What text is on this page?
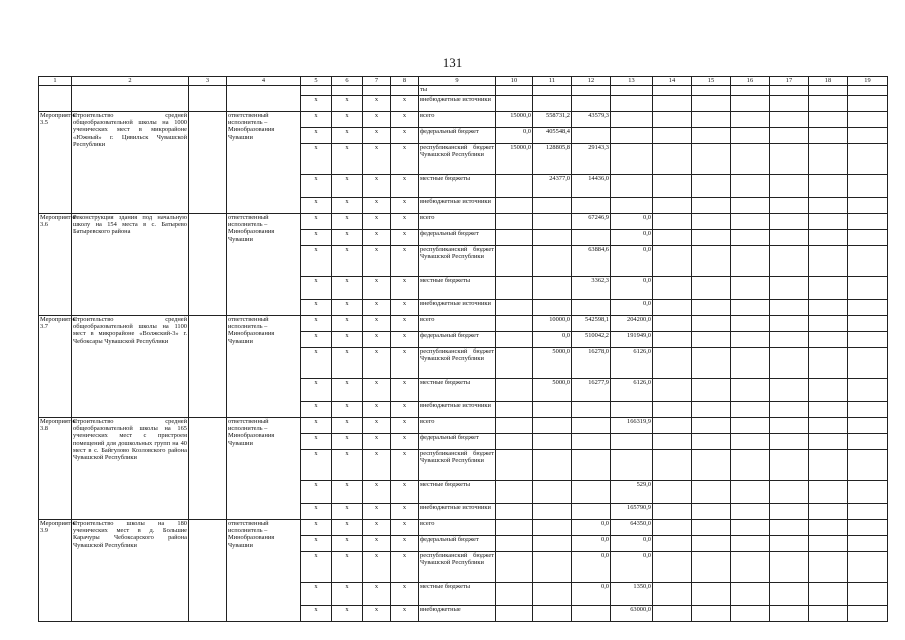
131
1	2	3	4	5	6	7	8	9	10	11	12	13	14	15	16	17	18	19
								ты										
				х	х	х	х	внебюджетные источники										
Мероприятие 3.5	Строительство средней общеобразовательной школы на 1000 ученических мест в микрорайоне «Южный» г. Цивильск Чувашской Республики		ответственный исполнитель – Минобразования Чувашии	х	х	х	х	всего	15000,0	558731,2	43579,3							
				х	х	х	х	федеральный бюджет	0,0	405548,4								
				х	х	х	х	республиканский бюджет Чувашской Республики	15000,0	128805,8	29143,3							
				х	х	х	х	местные бюджеты		24377,0	14436,0							
				х	х	х	х	внебюджетные источники										
Мероприятие 3.6	Реконструкция здания под начальную школу на 154 места в с. Батырево Батыревского района		ответственный исполнитель – Минобразования Чувашии	х	х	х	х	всего			67246,9	0,0						
				х	х	х	х	федеральный бюджет				0,0						
				х	х	х	х	республиканский бюджет Чувашской Республики			63884,6	0,0						
				х	х	х	х	местные бюджеты			3362,3	0,0						
				х	х	х	х	внебюджетные источники				0,0						
Мероприятие 3.7	Строительство средней общеобразовательной школы на 1100 мест в микрорайоне «Волжский-3» г. Чебоксары Чувашской Республики		ответственный исполнитель – Минобразования Чувашии	х	х	х	х	всего		10000,0	542598,1	204200,0						
				х	х	х	х	федеральный бюджет		0,0	510042,2	191949,0						
				х	х	х	х	республиканский бюджет Чувашской Республики		5000,0	16278,0	6126,0						
				х	х	х	х	местные бюджеты		5000,0	16277,9	6126,0						
				х	х	х	х	внебюджетные источники										
Мероприятие 3.8	Строительство средней общеобразовательной школы на 165 ученических мест с пристроем помещений для дошкольных групп на 40 мест в с. Байгулово Козловского района Чувашской Республики		ответственный исполнитель – Минобразования Чувашии	х	х	х	х	всего				166319,9						
				х	х	х	х	федеральный бюджет										
				х	х	х	х	республиканский бюджет Чувашской Республики										
				х	х	х	х	местные бюджеты				529,0						
				х	х	х	х	внебюджетные источники				165790,9						
Мероприятие 3.9	Строительство школы на 180 ученических мест в д. Большие Карачуры Чебоксарского района Чувашской Республики		ответственный исполнитель – Минобразования Чувашии	х	х	х	х	всего			0,0	64350,0						
				х	х	х	х	федеральный бюджет			0,0	0,0						
				х	х	х	х	республиканский бюджет Чувашской Республики			0,0	0,0						
				х	х	х	х	местные бюджеты			0,0	1350,0						
				х	х	х	х	внебюджетные				63000,0						
